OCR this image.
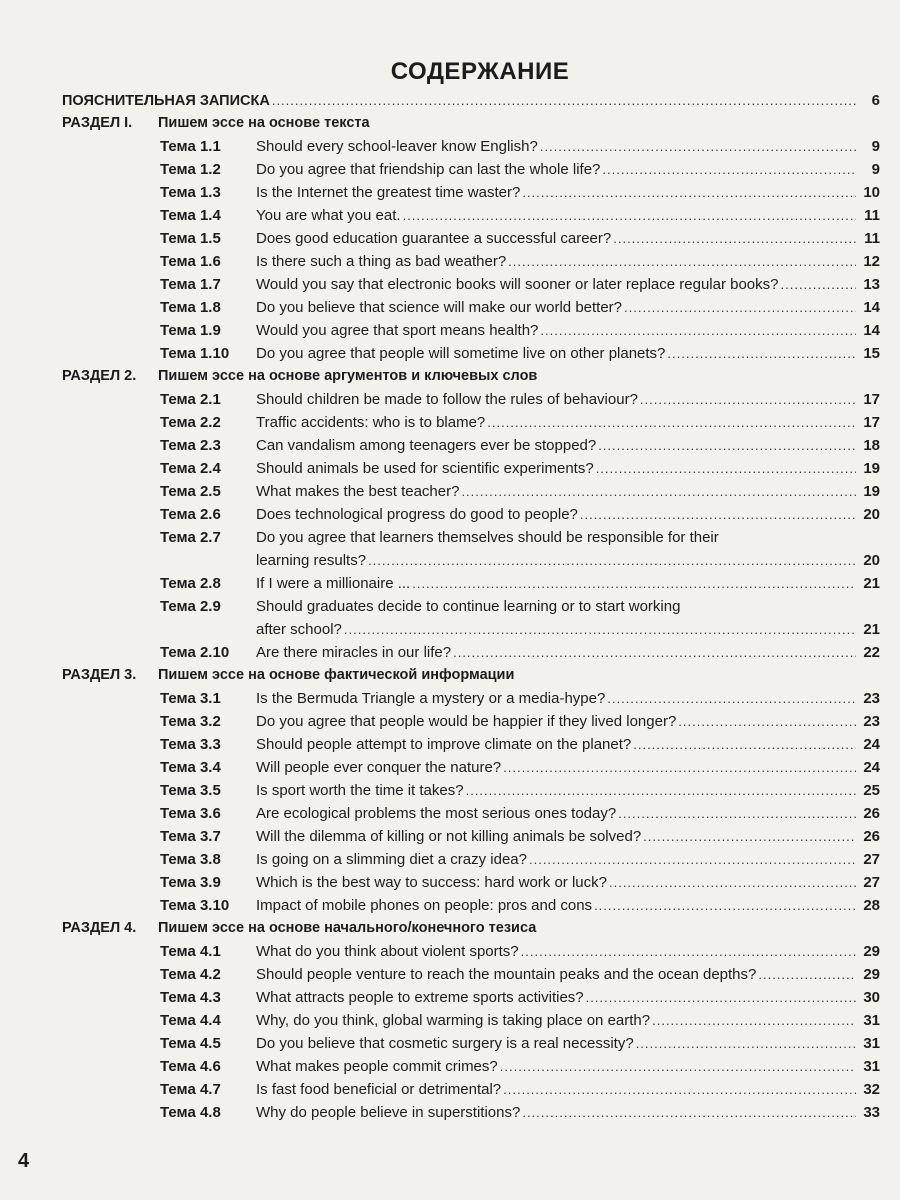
СОДЕРЖАНИЕ
ПОЯСНИТЕЛЬНАЯ ЗАПИСКА .....	6
РАЗДЕЛ I.	Пишем эссе на основе текста
Тема 1.1	Should every school-leaver know English? .....	9
Тема 1.2	Do you agree that friendship can last the whole life? .....	9
Тема 1.3	Is the Internet the greatest time waster? .....	10
Тема 1.4	You are what you eat. .....	11
Тема 1.5	Does good education guarantee a successful career? .....	11
Тема 1.6	Is there such a thing as bad weather? .....	12
Тема 1.7	Would you say that electronic books will sooner or later replace regular books? .....	13
Тема 1.8	Do you believe that science will make our world better? .....	14
Тема 1.9	Would you agree that sport means health? .....	14
Тема 1.10	Do you agree that people will sometime live on other planets? .....	15
РАЗДЕЛ 2.	Пишем эссе на основе аргументов и ключевых слов
Тема 2.1	Should children be made to follow the rules of behaviour? .....	17
Тема 2.2	Traffic accidents: who is to blame? .....	17
Тема 2.3	Can vandalism among teenagers ever be stopped? .....	18
Тема 2.4	Should animals be used for scientific experiments? .....	19
Тема 2.5	What makes the best teacher? .....	19
Тема 2.6	Does technological progress do good to people? .....	20
Тема 2.7	Do you agree that learners themselves should be responsible for their
learning results? .....	20
Тема 2.8	If I were a millionaire ... .....	21
Тема 2.9	Should graduates decide to continue learning or to start working
after school? .....	21
Тема 2.10	Are there miracles in our life? .....	22
РАЗДЕЛ 3.	Пишем эссе на основе фактической информации
Тема 3.1	Is the Bermuda Triangle a mystery or a media-hype? .....	23
Тема 3.2	Do you agree that people would be happier if they lived longer? .....	23
Тема 3.3	Should people attempt to improve climate on the planet? .....	24
Тема 3.4	Will people ever conquer the nature? .....	24
Тема 3.5	Is sport worth the time it takes? .....	25
Тема 3.6	Are ecological problems the most serious ones today? .....	26
Тема 3.7	Will the dilemma of killing or not killing animals be solved? .....	26
Тема 3.8	Is going on a slimming diet a crazy idea? .....	27
Тема 3.9	Which is the best way to success: hard work or luck? .....	27
Тема 3.10	Impact of mobile phones on people: pros and cons .....	28
РАЗДЕЛ 4.	Пишем эссе на основе начального/конечного тезиса
Тема 4.1	What do you think about violent sports? .....	29
Тема 4.2	Should people venture to reach the mountain peaks and the ocean depths? .....	29
Тема 4.3	What attracts people to extreme sports activities? .....	30
Тема 4.4	Why, do you think, global warming is taking place on earth? .....	31
Тема 4.5	Do you believe that cosmetic surgery is a real necessity? .....	31
Тема 4.6	What makes people commit crimes? .....	31
Тема 4.7	Is fast food beneficial or detrimental? .....	32
Тема 4.8	Why do people believe in superstitions? .....	33
4
